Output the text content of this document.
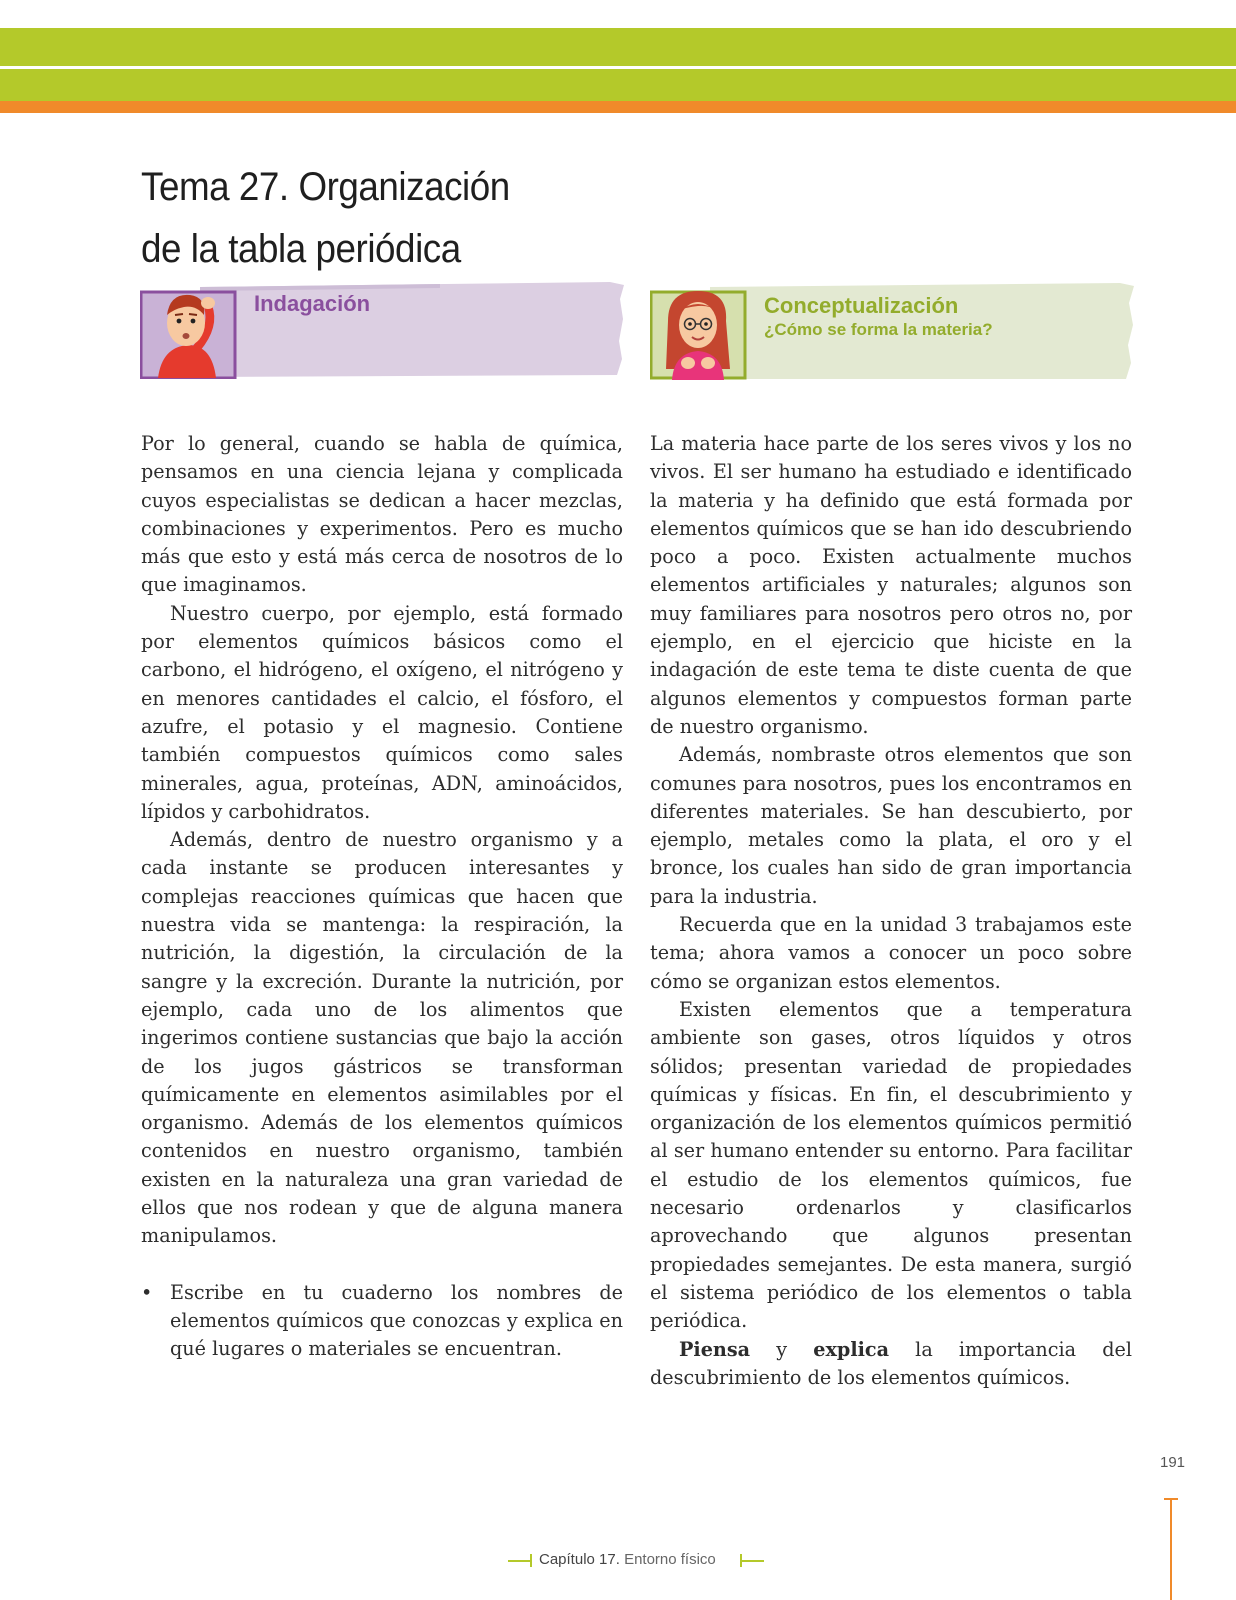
Tema 27. Organización
de la tabla periódica
Indagación	Conceptualización
¿Cómo se forma la materia?

Por lo general, cuando se habla de química, pensamos en una ciencia lejana y complicada cuyos especialistas se dedican a hacer mezclas, combinaciones y experimentos. Pero es mucho más que esto y está más cerca de nosotros de lo que imaginamos.

Nuestro cuerpo, por ejemplo, está formado por elementos químicos básicos como el carbono, el hidrógeno, el oxígeno, el nitrógeno y en menores cantidades el calcio, el fósforo, el azufre, el potasio y el magnesio. Contiene también compuestos químicos como sales minerales, agua, proteínas, ADN, aminoácidos, lípidos y carbohidratos.

Además, dentro de nuestro organismo y a cada instante se producen interesantes y complejas reacciones químicas que hacen que nuestra vida se mantenga: la respiración, la nutrición, la digestión, la circulación de la sangre y la excreción. Durante la nutrición, por ejemplo, cada uno de los alimentos que ingerimos contiene sustancias que bajo la acción de los jugos gástricos se transforman químicamente en elementos asimilables por el organismo. Además de los elementos químicos contenidos en nuestro organismo, también existen en la naturaleza una gran variedad de ellos que nos rodean y que de alguna manera manipulamos.

• Escribe en tu cuaderno los nombres de elementos químicos que conozcas y explica en qué lugares o materiales se encuentran.

La materia hace parte de los seres vivos y los no vivos. El ser humano ha estudiado e identificado la materia y ha definido que está formada por elementos químicos que se han ido descubriendo poco a poco. Existen actualmente muchos elementos artificiales y naturales; algunos son muy familiares para nosotros pero otros no, por ejemplo, en el ejercicio que hiciste en la indagación de este tema te diste cuenta de que algunos elementos y compuestos forman parte de nuestro organismo.

Además, nombraste otros elementos que son comunes para nosotros, pues los encontramos en diferentes materiales. Se han descubierto, por ejemplo, metales como la plata, el oro y el bronce, los cuales han sido de gran importancia para la industria.

Recuerda que en la unidad 3 trabajamos este tema; ahora vamos a conocer un poco sobre cómo se organizan estos elementos.

Existen elementos que a temperatura ambiente son gases, otros líquidos y otros sólidos; presentan variedad de propiedades químicas y físicas. En fin, el descubrimiento y organización de los elementos químicos permitió al ser humano entender su entorno. Para facilitar el estudio de los elementos químicos, fue necesario ordenarlos y clasificarlos aprovechando que algunos presentan propiedades semejantes. De esta manera, surgió el sistema periódico de los elementos o tabla periódica.

Piensa y explica la importancia del descubrimiento de los elementos químicos.

191
Capítulo 17. Entorno físico
